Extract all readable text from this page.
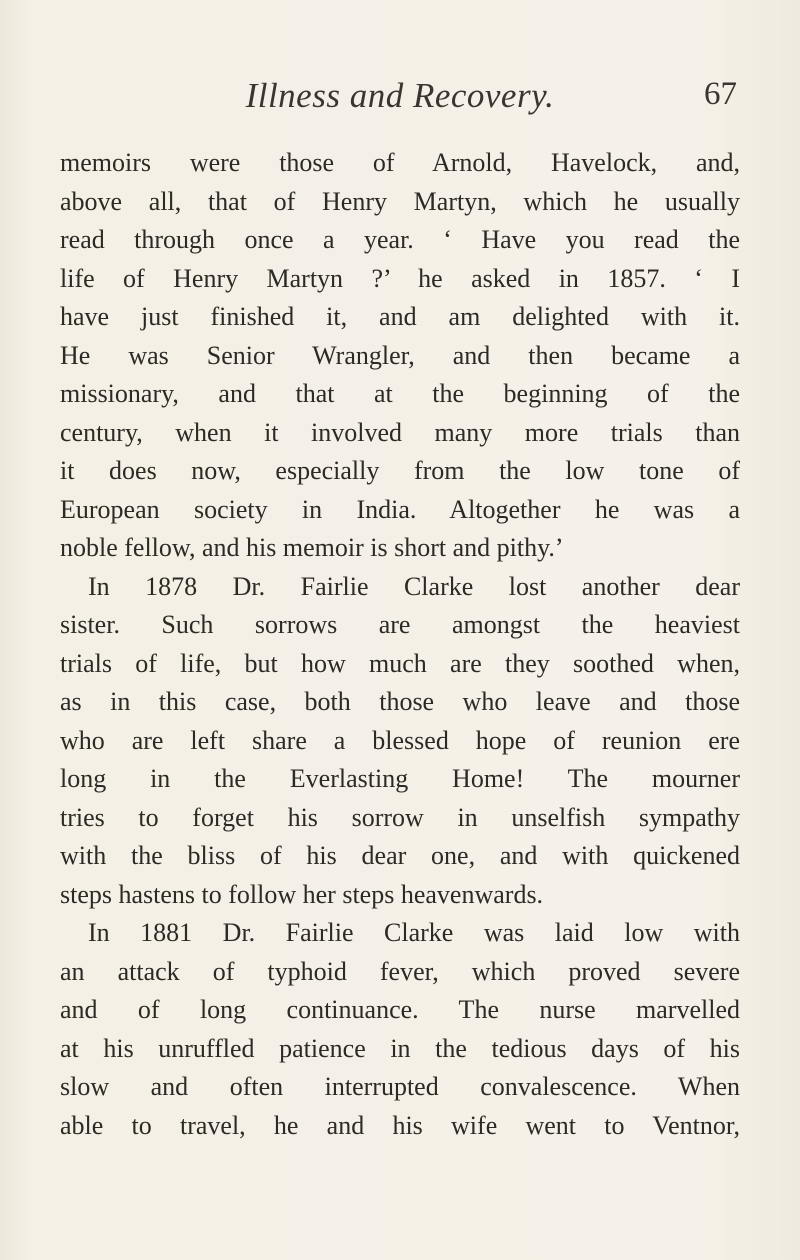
Illness and Recovery.	67
memoirs were those of Arnold, Havelock, and,
above all, that of Henry Martyn, which he usually
read through once a year. ‘ Have you read the
life of Henry Martyn ?’ he asked in 1857. ‘ I
have just finished it, and am delighted with it.
He was Senior Wrangler, and then became a
missionary, and that at the beginning of the
century, when it involved many more trials than
it does now, especially from the low tone of
European society in India. Altogether he was a
noble fellow, and his memoir is short and pithy.’
In 1878 Dr. Fairlie Clarke lost another dear
sister. Such sorrows are amongst the heaviest
trials of life, but how much are they soothed when,
as in this case, both those who leave and those
who are left share a blessed hope of reunion ere
long in the Everlasting Home! The mourner
tries to forget his sorrow in unselfish sympathy
with the bliss of his dear one, and with quickened
steps hastens to follow her steps heavenwards.
In 1881 Dr. Fairlie Clarke was laid low with
an attack of typhoid fever, which proved severe
and of long continuance. The nurse marvelled
at his unruffled patience in the tedious days of his
slow and often interrupted convalescence. When
able to travel, he and his wife went to Ventnor,
